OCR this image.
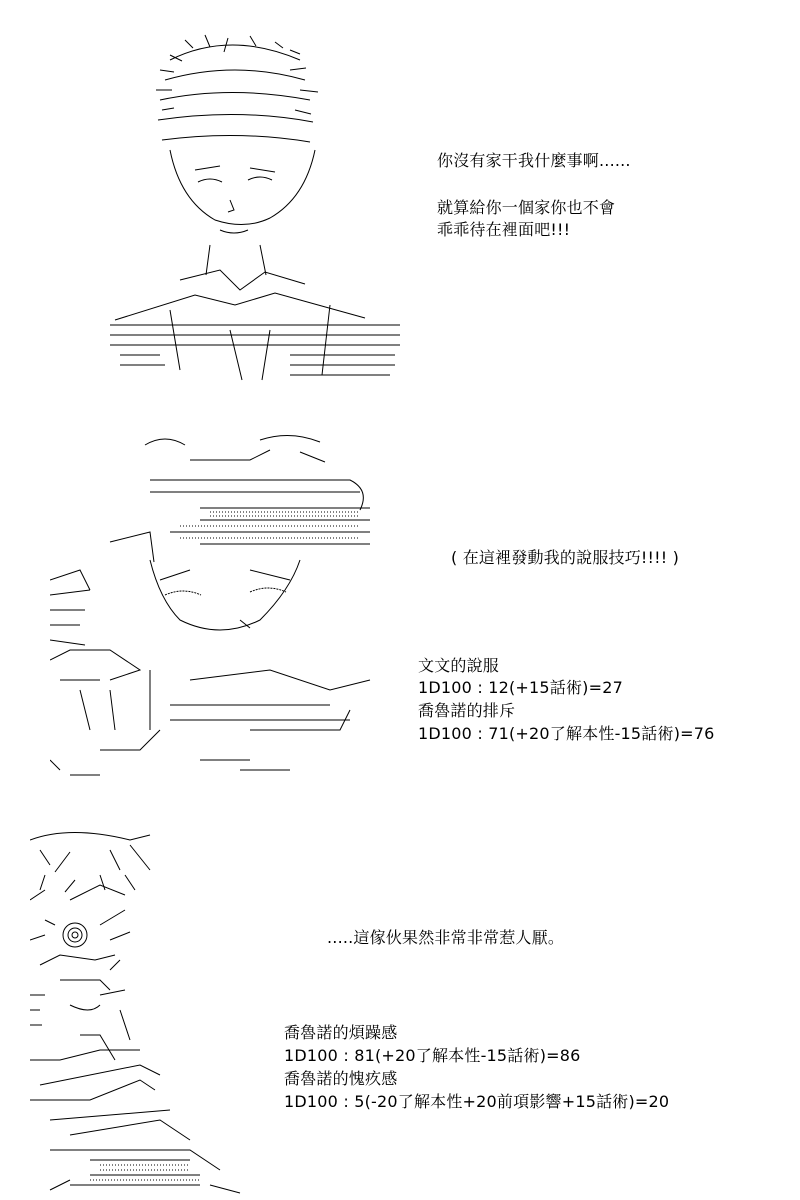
你沒有家干我什麼事啊......
就算給你一個家你也不會
乖乖待在裡面吧!!!
( 在這裡發動我的說服技巧!!!! )
文文的說服
1D100 : 12(+15話術)=27
喬魯諾的排斥
1D100 : 71(+20了解本性-15話術)=76
.....這傢伙果然非常非常惹人厭。
喬魯諾的煩躁感
1D100 : 81(+20了解本性-15話術)=86
喬魯諾的愧疚感
1D100 : 5(-20了解本性+20前項影響+15話術)=20
